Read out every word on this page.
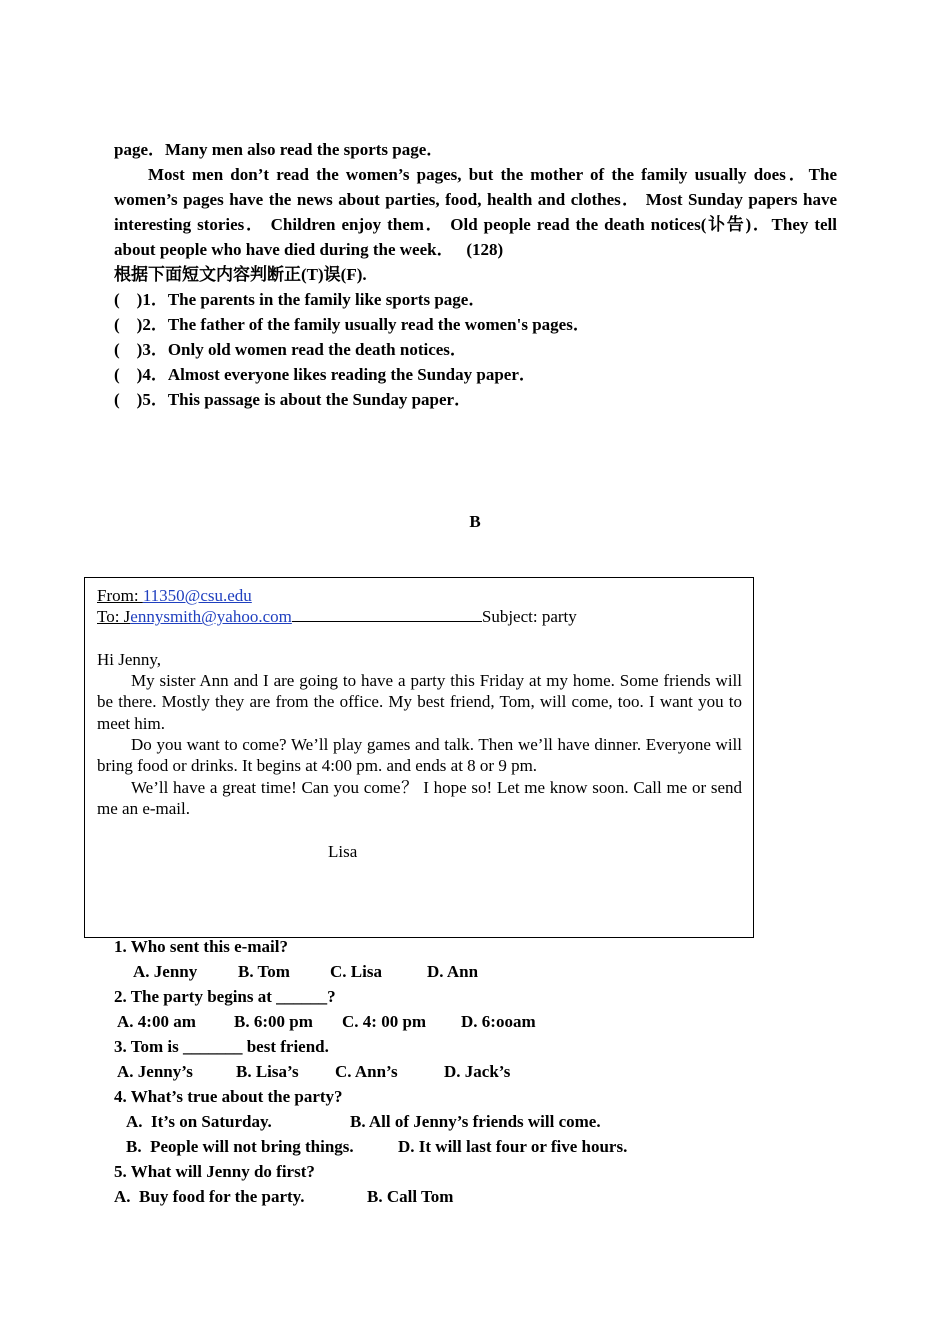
page．Many men also read the sports page．
Most men don’t read the women’s pages, but the mother of the family usually does．The women’s pages have the news about parties, food, health and clothes． Most Sunday papers have interesting stories． Children enjoy them． Old people read the death notices(讣告)．They tell about people who have died during the week． (128)
根据下面短文内容判断正(T)误(F).
(    )1．The parents in the family like sports page．
(    )2．The father of the family usually read the women's pages．
(    )3．Only old women read the death notices．
(    )4．Almost everyone likes reading the Sunday paper．
(    )5．This passage is about the Sunday paper．
B
From: 11350@csu.edu
To: Jennysmith@yahoo.com	Subject: party
Hi Jenny,

My sister Ann and I are going to have a party this Friday at my home. Some friends will be there. Mostly they are from the office. My best friend, Tom, will come, too. I want you to meet him.

Do you want to come? We’ll play games and talk. Then we’ll have dinner. Everyone will bring food or drinks. It begins at 4:00 pm. and ends at 8 or 9 pm.

We’ll have a great time! Can you come？ I hope so! Let me know soon. Call me or send me an e-mail.

Lisa
1. Who sent this e-mail?
A. Jenny B. Tom C. Lisa	D. Ann
2. The party begins at ______?
A. 4:00 am B. 6:00 pm C. 4: 00 pm D. 6:ooam
3. Tom is _______ best friend.
A. Jenny’s	B. Lisa’s C. Ann’s	D. Jack’s
4. What’s true about the party?
A.  It’s on Saturday.	B. All of Jenny’s friends will come.
B.  People will not bring things.	D. It will last four or five hours.
5. What will Jenny do first?
A.  Buy food for the party.	B. Call Tom
